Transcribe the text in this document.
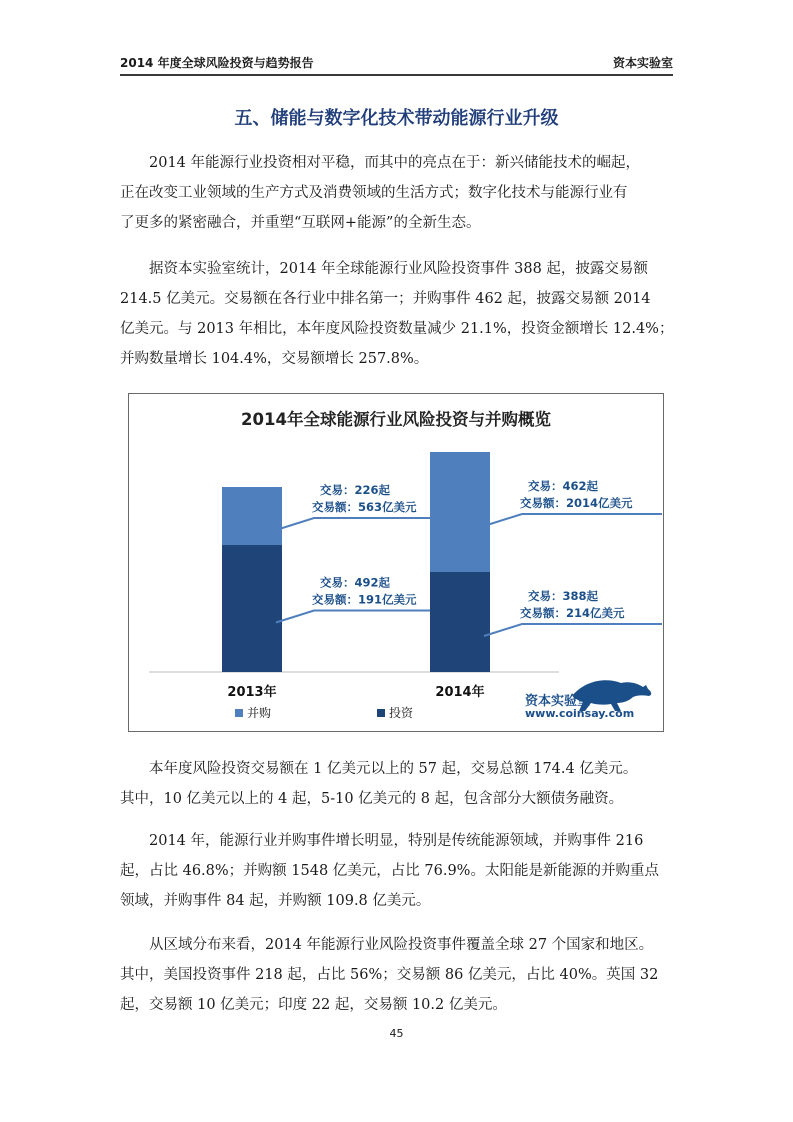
2014 年度全球风险投资与趋势报告	资本实验室
五、储能与数字化技术带动能源行业升级
2014 年能源行业投资相对平稳，而其中的亮点在于：新兴储能技术的崛起，
正在改变工业领域的生产方式及消费领域的生活方式；数字化技术与能源行业有
了更多的紧密融合，并重塑“互联网+能源”的全新生态。
据资本实验室统计，2014 年全球能源行业风险投资事件 388 起，披露交易额
214.5 亿美元。交易额在各行业中排名第一；并购事件 462 起，披露交易额 2014
亿美元。与 2013 年相比，本年度风险投资数量减少 21.1%，投资金额增长 12.4%；
并购数量增长 104.4%，交易额增长 257.8%。
2014年全球能源行业风险投资与并购概览
交易：492起
交易额：191亿美元
交易：226起
交易额：563亿美元
2013年
交易：388起
交易额：214亿美元
交易：462起
交易额：2014亿美元
2014年
并购	投资
资本实验室
www.coinsay.com
本年度风险投资交易额在 1 亿美元以上的 57 起，交易总额 174.4 亿美元。
其中，10 亿美元以上的 4 起，5-10 亿美元的 8 起，包含部分大额债务融资。
2014 年，能源行业并购事件增长明显，特别是传统能源领域，并购事件 216
起，占比 46.8%；并购额 1548 亿美元，占比 76.9%。太阳能是新能源的并购重点
领域，并购事件 84 起，并购额 109.8 亿美元。
从区域分布来看，2014 年能源行业风险投资事件覆盖全球 27 个国家和地区。
其中，美国投资事件 218 起，占比 56%；交易额 86 亿美元，占比 40%。英国 32
起，交易额 10 亿美元；印度 22 起，交易额 10.2 亿美元。
45
